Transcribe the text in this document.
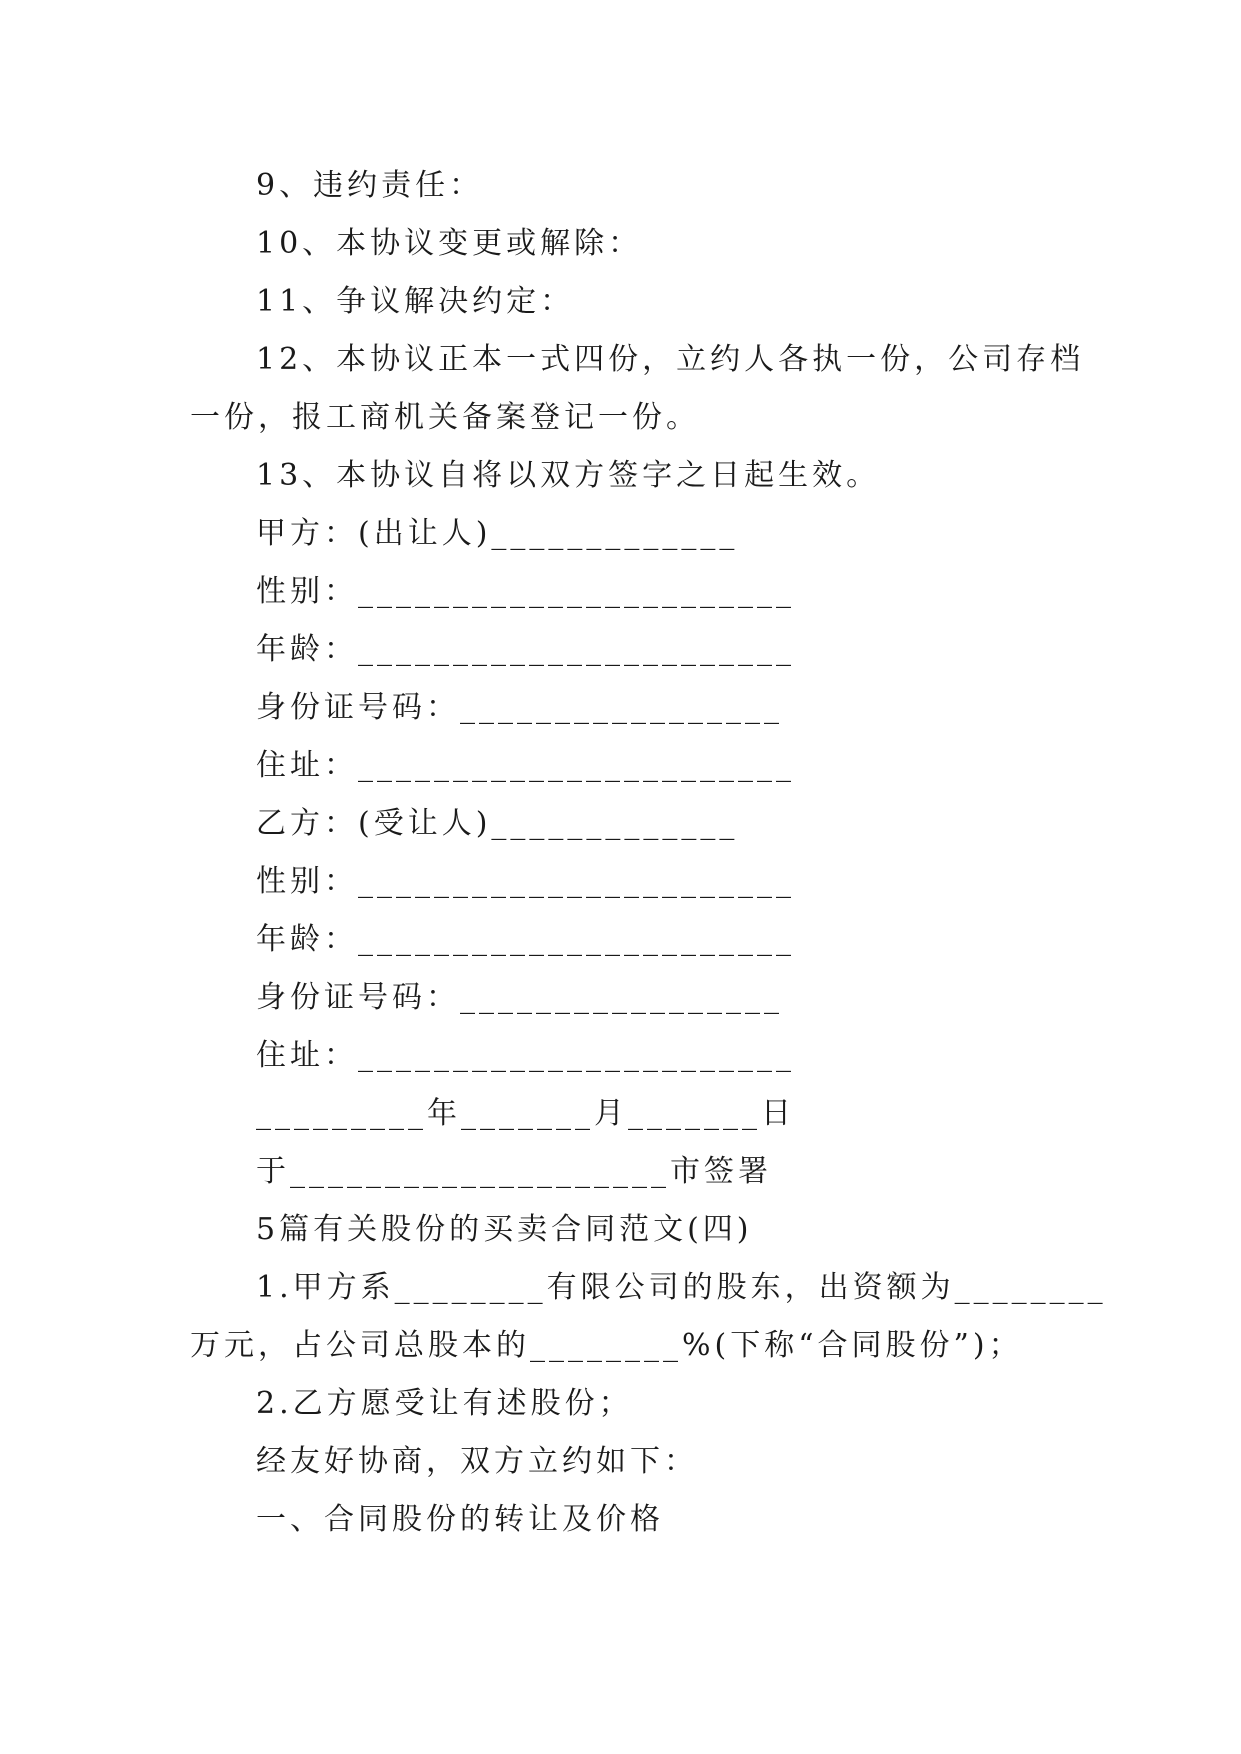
9、违约责任：
10、本协议变更或解除：
11、争议解决约定：
12、本协议正本一式四份，立约人各执一份，公司存档
一份，报工商机关备案登记一份。
13、本协议自将以双方签字之日起生效。
甲方：(出让人)_____________
性别：_______________________
年龄：_______________________
身份证号码：_________________
住址：_______________________
乙方：(受让人)_____________
性别：_______________________
年龄：_______________________
身份证号码：_________________
住址：_______________________
_________年_______月_______日
于____________________市签署
5篇有关股份的买卖合同范文(四)
1.甲方系________有限公司的股东，出资额为________
万元，占公司总股本的________%(下称“合同股份”)；
2.乙方愿受让有述股份；
经友好协商，双方立约如下：
一、合同股份的转让及价格
